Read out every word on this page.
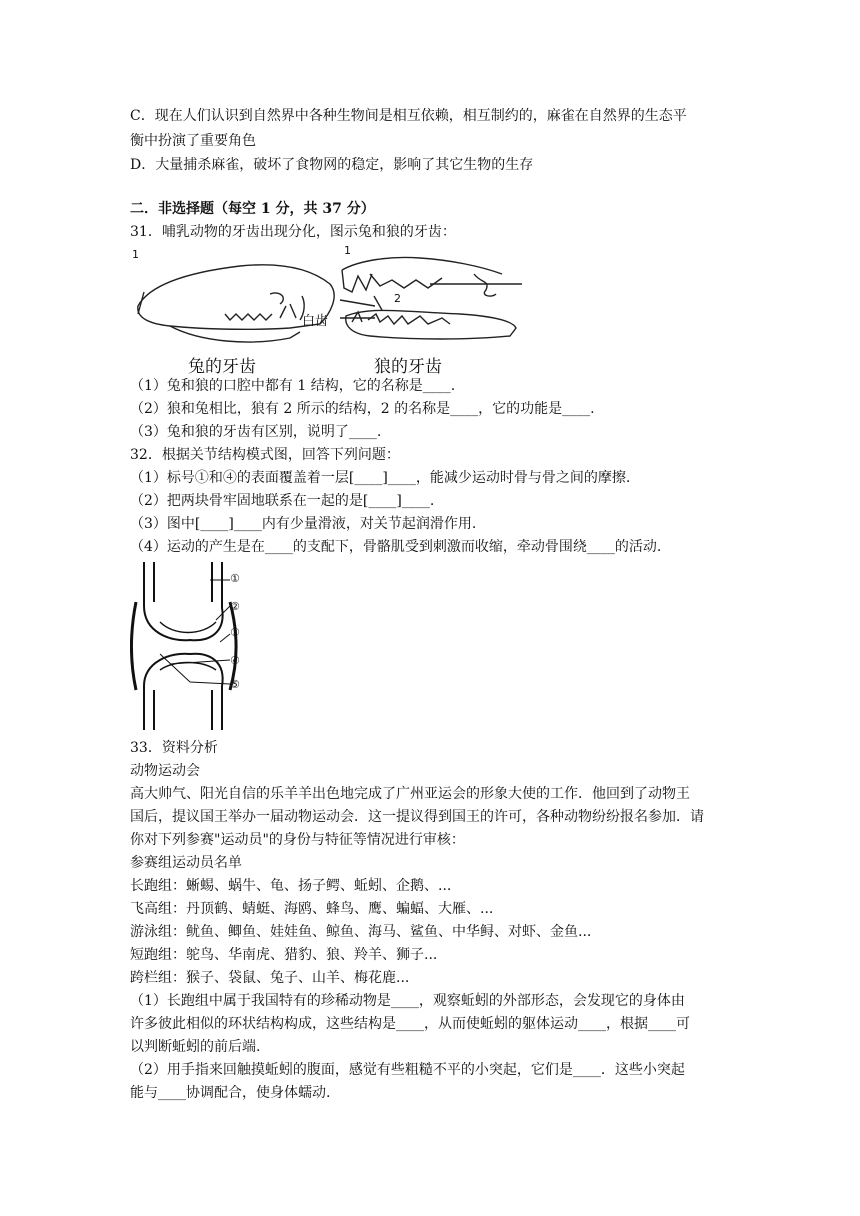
C．现在人们认识到自然界中各种生物间是相互依赖，相互制约的，麻雀在自然界的生态平
衡中扮演了重要角色
D．大量捕杀麻雀，破坏了食物网的稳定，影响了其它生物的生存
二．非选择题（每空 1 分，共 37 分）
31．哺乳动物的牙齿出现分化，图示兔和狼的牙齿：
1	1
2
白齿
兔的牙齿	狼的牙齿
（1）兔和狼的口腔中都有 1 结构，它的名称是____.
（2）狼和兔相比，狼有 2 所示的结构，2 的名称是____，它的功能是____.
（3）兔和狼的牙齿有区别，说明了____.
32．根据关节结构模式图，回答下列问题：
（1）标号①和④的表面覆盖着一层[____]____，能减少运动时骨与骨之间的摩擦.
（2）把两块骨牢固地联系在一起的是[____]____.
（3）图中[____]____内有少量滑液，对关节起润滑作用.
（4）运动的产生是在____的支配下，骨骼肌受到刺激而收缩，牵动骨围绕____的活动.
①
②
③
④
⑤
33．资料分析
动物运动会
高大帅气、阳光自信的乐羊羊出色地完成了广州亚运会的形象大使的工作．他回到了动物王
国后，提议国王举办一届动物运动会．这一提议得到国王的许可，各种动物纷纷报名参加．请
你对下列参赛"运动员"的身份与特征等情况进行审核：
参赛组运动员名单
长跑组：蜥蜴、蜗牛、龟、扬子鳄、蚯蚓、企鹅、...
飞高组：丹顶鹤、蜻蜓、海鸥、蜂鸟、鹰、蝙蝠、大雁、...
游泳组：鱿鱼、鲫鱼、娃娃鱼、鲸鱼、海马、鲨鱼、中华鲟、对虾、金鱼...
短跑组：鸵鸟、华南虎、猎豹、狼、羚羊、狮子...
跨栏组：猴子、袋鼠、兔子、山羊、梅花鹿...
（1）长跑组中属于我国特有的珍稀动物是____，观察蚯蚓的外部形态，会发现它的身体由
许多彼此相似的环状结构构成，这些结构是____，从而使蚯蚓的躯体运动____，根据____可
以判断蚯蚓的前后端.
（2）用手指来回触摸蚯蚓的腹面，感觉有些粗糙不平的小突起，它们是____．这些小突起
能与____协调配合，使身体蠕动.
